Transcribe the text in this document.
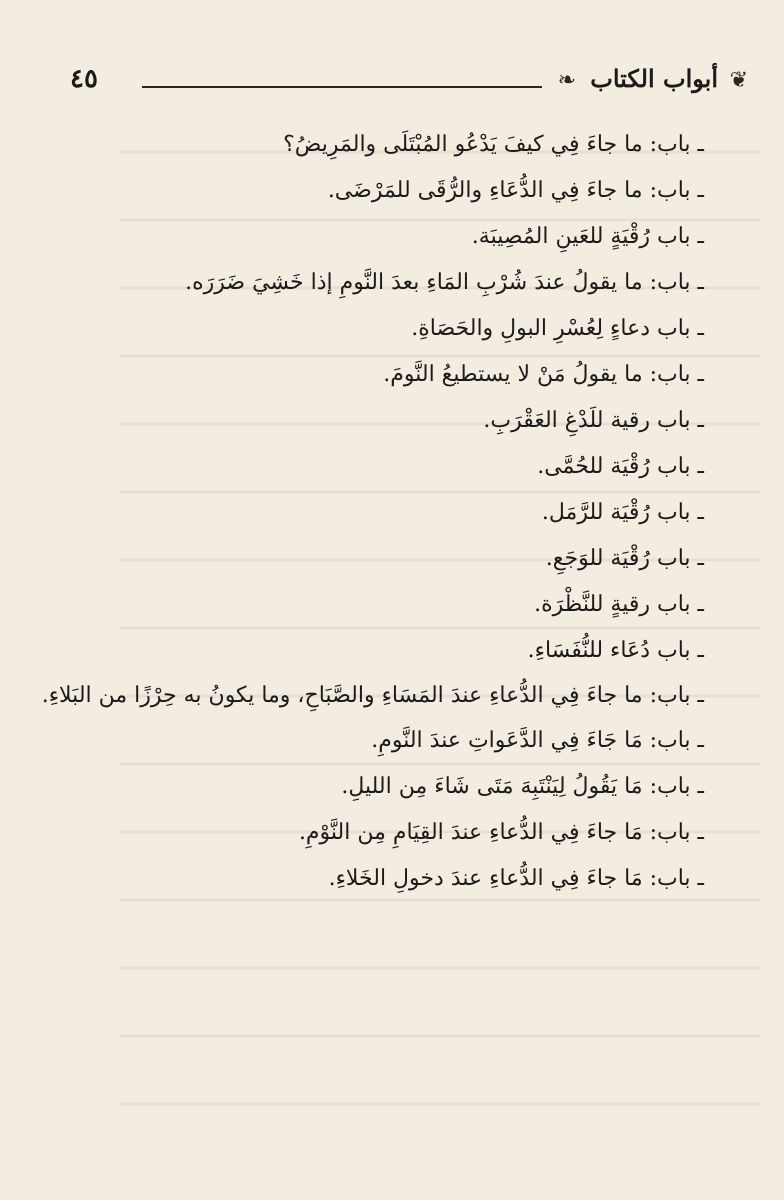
❦
أبواب الكتاب
❧
٤٥
ـ باب: ما جاءَ فِي كيفَ يَدْعُو المُبْتَلَى والمَرِيضُ؟
ـ باب: ما جاءَ فِي الدُّعَاءِ والرُّقَى للمَرْضَى.
ـ باب رُقْيَةٍ للعَينِ المُصِيبَة.
ـ باب: ما يقولُ عندَ شُرْبِ المَاءِ بعدَ النَّومِ إذا خَشِيَ ضَرَرَه.
ـ باب دعاءٍ لِعُسْرِ البولِ والحَصَاةِ.
ـ باب: ما يقولُ مَنْ لا يستطيعُ النَّومَ.
ـ باب رقية للَدْغِ العَقْرَبِ.
ـ باب رُقْيَة للحُمَّى.
ـ باب رُقْيَة للرَّمَل.
ـ باب رُقْيَة للوَجَعِ.
ـ باب رقيةٍ للنَّظْرَة.
ـ باب دُعَاء للنُّفَسَاءِ.
ـ باب: ما جاءَ فِي الدُّعاءِ عندَ المَسَاءِ والصَّبَاحِ، وما يكونُ به حِرْزًا من البَلاءِ.
ـ باب: مَا جَاءَ فِي الدَّعَواتِ عندَ النَّومِ.
ـ باب: مَا يَقُولُ لِيَنْتَبِهَ مَتَى شَاءَ مِن الليلِ.
ـ باب: مَا جاءَ فِي الدُّعاءِ عندَ القِيَامِ مِن النَّوْمِ.
ـ باب: مَا جاءَ فِي الدُّعاءِ عندَ دخولِ الخَلاءِ.
